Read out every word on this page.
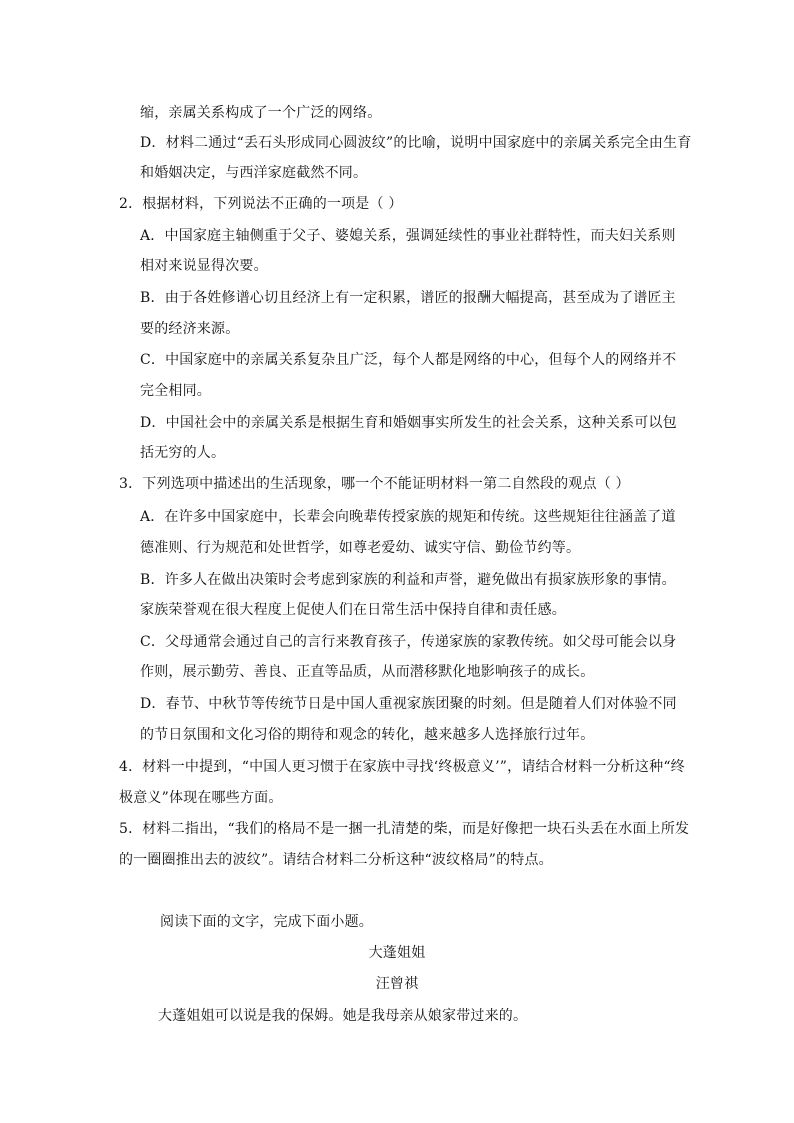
缩，亲属关系构成了一个广泛的网络。
D．材料二通过“丢石头形成同心圆波纹”的比喻，说明中国家庭中的亲属关系完全由生育
和婚姻决定，与西洋家庭截然不同。
2．根据材料，下列说法不正确的一项是（ ）
A．中国家庭主轴侧重于父子、婆媳关系，强调延续性的事业社群特性，而夫妇关系则
相对来说显得次要。
B．由于各姓修谱心切且经济上有一定积累，谱匠的报酬大幅提高，甚至成为了谱匠主
要的经济来源。
C．中国家庭中的亲属关系复杂且广泛，每个人都是网络的中心，但每个人的网络并不
完全相同。
D．中国社会中的亲属关系是根据生育和婚姻事实所发生的社会关系，这种关系可以包
括无穷的人。
3．下列选项中描述出的生活现象，哪一个不能证明材料一第二自然段的观点（ ）
A．在许多中国家庭中，长辈会向晚辈传授家族的规矩和传统。这些规矩往往涵盖了道
德准则、行为规范和处世哲学，如尊老爱幼、诚实守信、勤俭节约等。
B．许多人在做出决策时会考虑到家族的利益和声誉，避免做出有损家族形象的事情。
家族荣誉观在很大程度上促使人们在日常生活中保持自律和责任感。
C．父母通常会通过自己的言行来教育孩子，传递家族的家教传统。如父母可能会以身
作则，展示勤劳、善良、正直等品质，从而潜移默化地影响孩子的成长。
D．春节、中秋节等传统节日是中国人重视家族团聚的时刻。但是随着人们对体验不同
的节日氛围和文化习俗的期待和观念的转化，越来越多人选择旅行过年。
4．材料一中提到，“中国人更习惯于在家族中寻找‘终极意义’”，请结合材料一分析这种“终
极意义”体现在哪些方面。
5．材料二指出，“我们的格局不是一捆一扎清楚的柴，而是好像把一块石头丢在水面上所发
的一圈圈推出去的波纹”。请结合材料二分析这种“波纹格局”的特点。
阅读下面的文字，完成下面小题。
大蓬姐姐
汪曾祺
大蓬姐姐可以说是我的保姆。她是我母亲从娘家带过来的。
